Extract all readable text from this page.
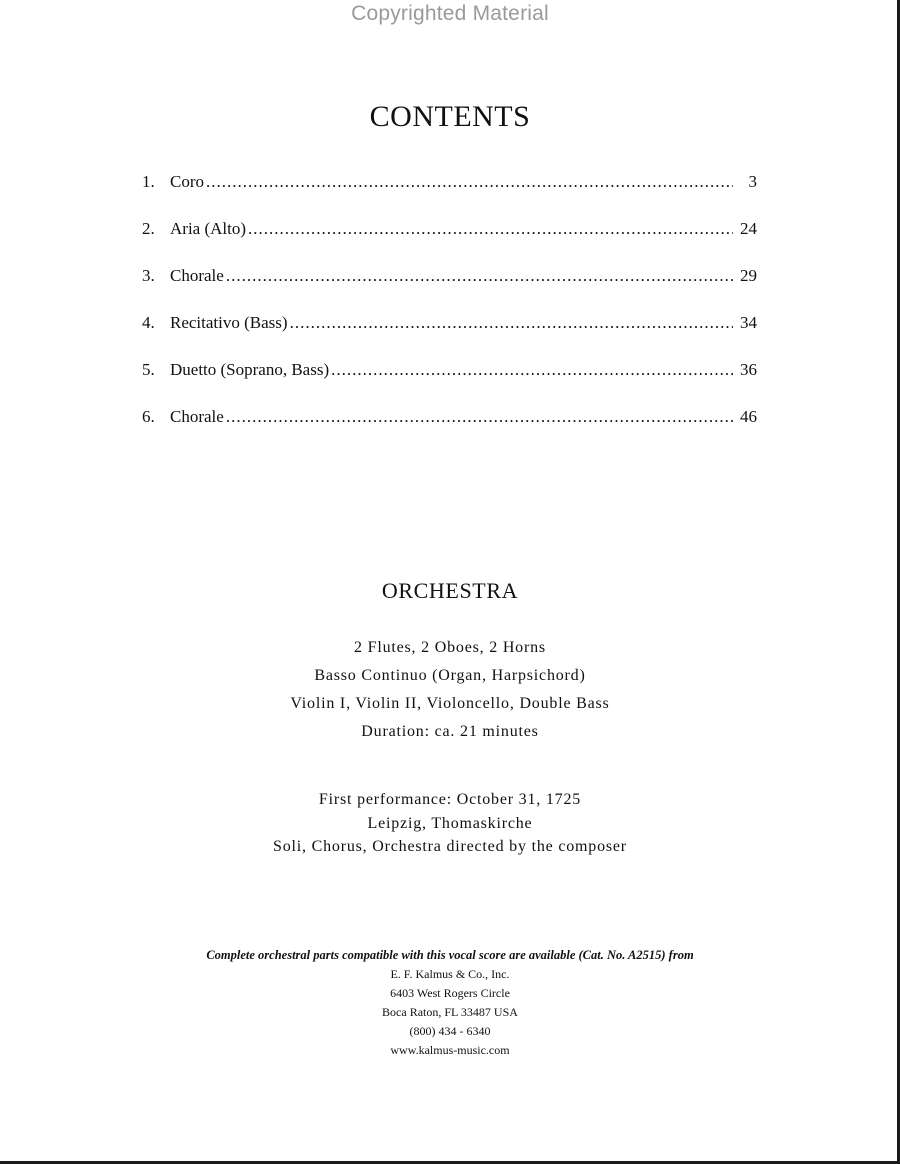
Copyrighted Material
CONTENTS
1. Coro .....	3
2. Aria (Alto) .....	24
3. Chorale .....	29
4. Recitativo (Bass) .....	34
5. Duetto (Soprano, Bass) .....	36
6. Chorale .....	46
ORCHESTRA
2 Flutes, 2 Oboes, 2 Horns
Basso Continuo (Organ, Harpsichord)
Violin I, Violin II, Violoncello, Double Bass
Duration: ca. 21 minutes
First performance: October 31, 1725
Leipzig, Thomaskirche
Soli, Chorus, Orchestra directed by the composer
Complete orchestral parts compatible with this vocal score are available (Cat. No. A2515) from
E. F. Kalmus & Co., Inc.
6403 West Rogers Circle
Boca Raton, FL 33487 USA
(800) 434 - 6340
www.kalmus-music.com
